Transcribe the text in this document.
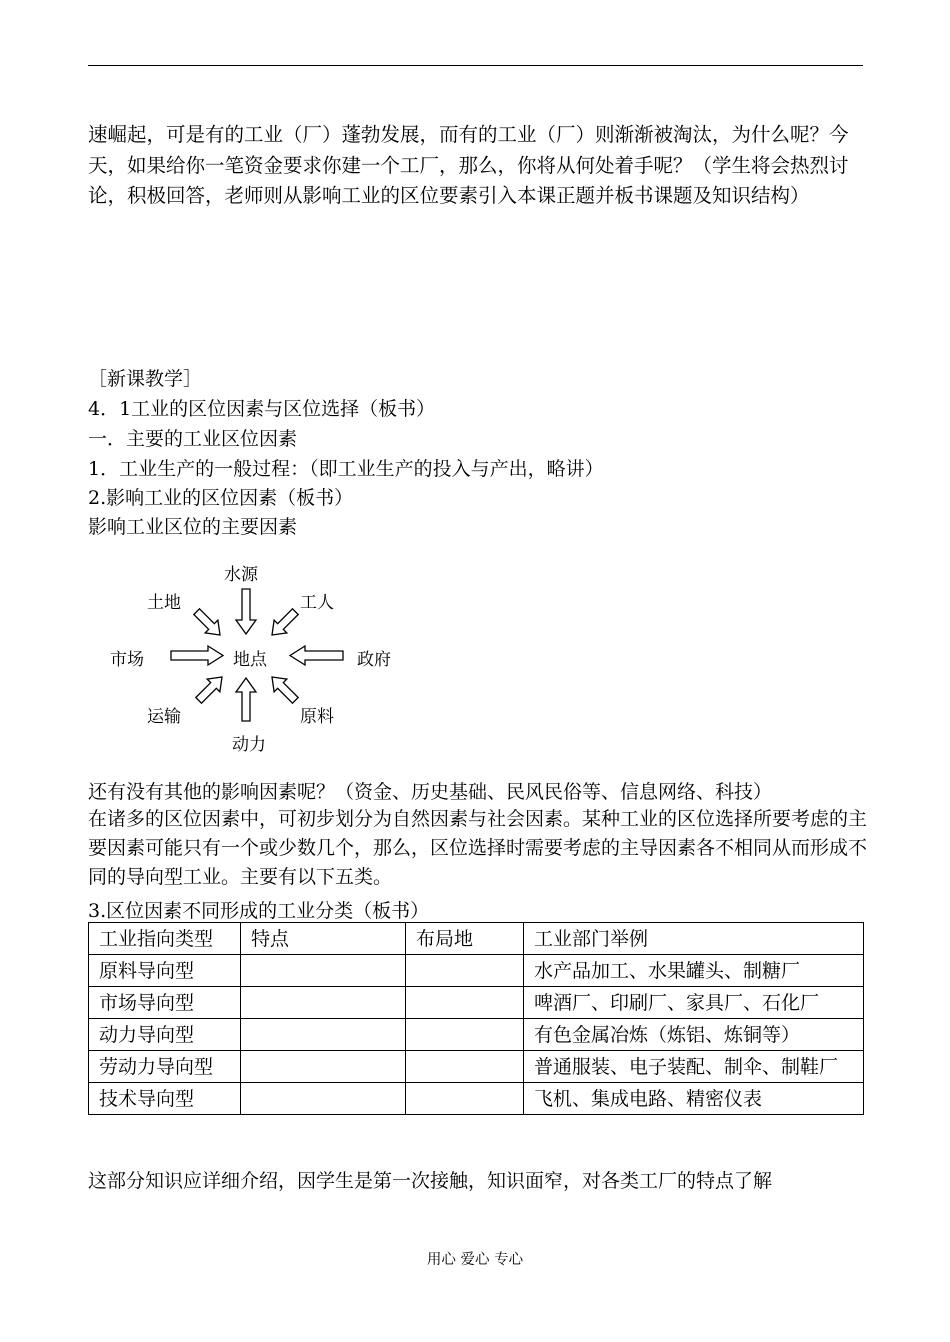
速崛起，可是有的工业（厂）蓬勃发展，而有的工业（厂）则渐渐被淘汰，为什么呢？今天，如果给你一笔资金要求你建一个工厂，那么，你将从何处着手呢？（学生将会热烈讨论，积极回答，老师则从影响工业的区位要素引入本课正题并板书课题及知识结构）

［新课教学］
4．1工业的区位因素与区位选择（板书）
一．主要的工业区位因素
1．工业生产的一般过程：（即工业生产的投入与产出，略讲）
2.影响工业的区位因素（板书）
影响工业区位的主要因素
水源
土地	工人
市场	地点	政府
运输	原料
动力
还有没有其他的影响因素呢？（资金、历史基础、民风民俗等、信息网络、科技）

在诸多的区位因素中，可初步划分为自然因素与社会因素。某种工业的区位选择所要考虑的主要因素可能只有一个或少数几个，那么，区位选择时需要考虑的主导因素各不相同从而形成不同的导向型工业。主要有以下五类。

3.区位因素不同形成的工业分类（板书）
工业指向类型	特点	布局地	工业部门举例
原料导向型			水产品加工、水果罐头、制糖厂
市场导向型			啤酒厂、印刷厂、家具厂、石化厂
动力导向型			有色金属冶炼（炼铝、炼铜等）
劳动力导向型			普通服装、电子装配、制伞、制鞋厂
技术导向型			飞机、集成电路、精密仪表
这部分知识应详细介绍，因学生是第一次接触，知识面窄，对各类工厂的特点了解
用心 爱心 专心
